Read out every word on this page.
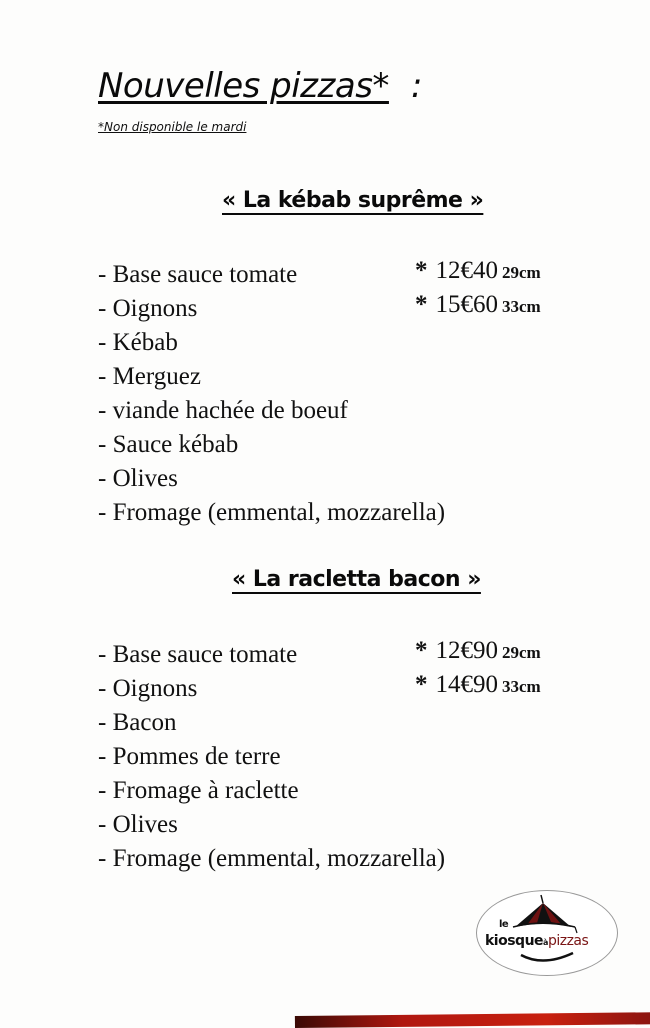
Nouvelles pizzas* :
*Non disponible le mardi
« La kébab suprême »
- Base sauce tomate
- Oignons
- Kébab
- Merguez
- viande hachée de boeuf
- Sauce kébab
- Olives
- Fromage (emmental, mozzarella)
* 12€40 29cm
* 15€60 33cm
« La racletta bacon »
- Base sauce tomate
- Oignons
- Bacon
- Pommes de terre
- Fromage à raclette
- Olives
- Fromage (emmental, mozzarella)
* 12€90 29cm
* 14€90 33cm
le
kiosqueàpizzas
